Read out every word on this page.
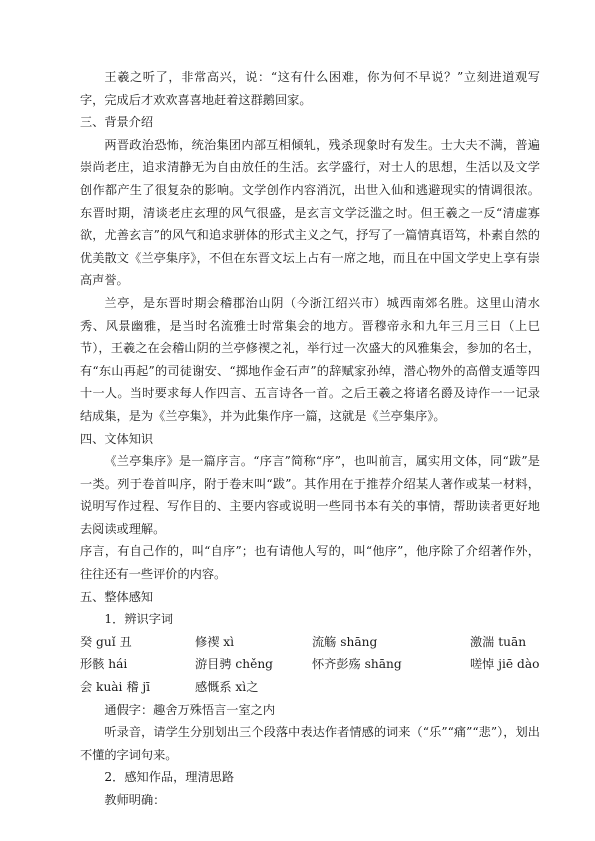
王羲之听了，非常高兴，说：“这有什么困难，你为何不早说？”立刻进道观写字，完成后才欢欢喜喜地赶着这群鹅回家。

三、背景介绍

两晋政治恐怖，统治集团内部互相倾轧，残杀现象时有发生。士大夫不满，普遍崇尚老庄，追求清静无为自由放任的生活。玄学盛行，对士人的思想，生活以及文学创作都产生了很复杂的影响。文学创作内容消沉，出世入仙和逃避现实的情调很浓。东晋时期，清谈老庄玄理的风气很盛，是玄言文学泛滥之时。但王羲之一反“清虚寡欲，尤善玄言”的风气和追求骈体的形式主义之气，抒写了一篇情真语笃，朴素自然的优美散文《兰亭集序》，不但在东晋文坛上占有一席之地，而且在中国文学史上享有崇高声誉。

兰亭，是东晋时期会稽郡治山阴（今浙江绍兴市）城西南郊名胜。这里山清水秀、风景幽雅，是当时名流雅士时常集会的地方。晋穆帝永和九年三月三日（上巳节），王羲之在会稽山阴的兰亭修禊之礼，举行过一次盛大的风雅集会，参加的名士，有“东山再起”的司徒谢安、“掷地作金石声”的辞赋家孙绰，潜心物外的高僧支遁等四十一人。当时要求每人作四言、五言诗各一首。之后王羲之将诸名爵及诗作一一记录结成集，是为《兰亭集》，并为此集作序一篇，这就是《兰亭集序》。

四、文体知识

《兰亭集序》是一篇序言。“序言”简称“序”，也叫前言，属实用文体，同“跋”是一类。列于卷首叫序，附于卷末叫“跋”。其作用在于推荐介绍某人著作或某一材料，说明写作过程、写作目的、主要内容或说明一些同书本有关的事情，帮助读者更好地去阅读或理解。

序言，有自己作的，叫“自序”；也有请他人写的，叫“他序”，他序除了介绍著作外，往往还有一些评价的内容。

五、整体感知

1．辨识字词

癸 guǐ 丑	修禊 xì	流觞 shāng	激湍 tuān
形骸 hái	游目骋 chěng	怀齐彭殇 shāng	嗟悼 jiē dào
会 kuài 稽 jī	感慨系 xì之

通假字：趣舍万殊悟言一室之内

听录音，请学生分别划出三个段落中表达作者情感的词来（“乐”“痛”“悲”），划出不懂的字词句来。

2．感知作品，理清思路

教师明确：
